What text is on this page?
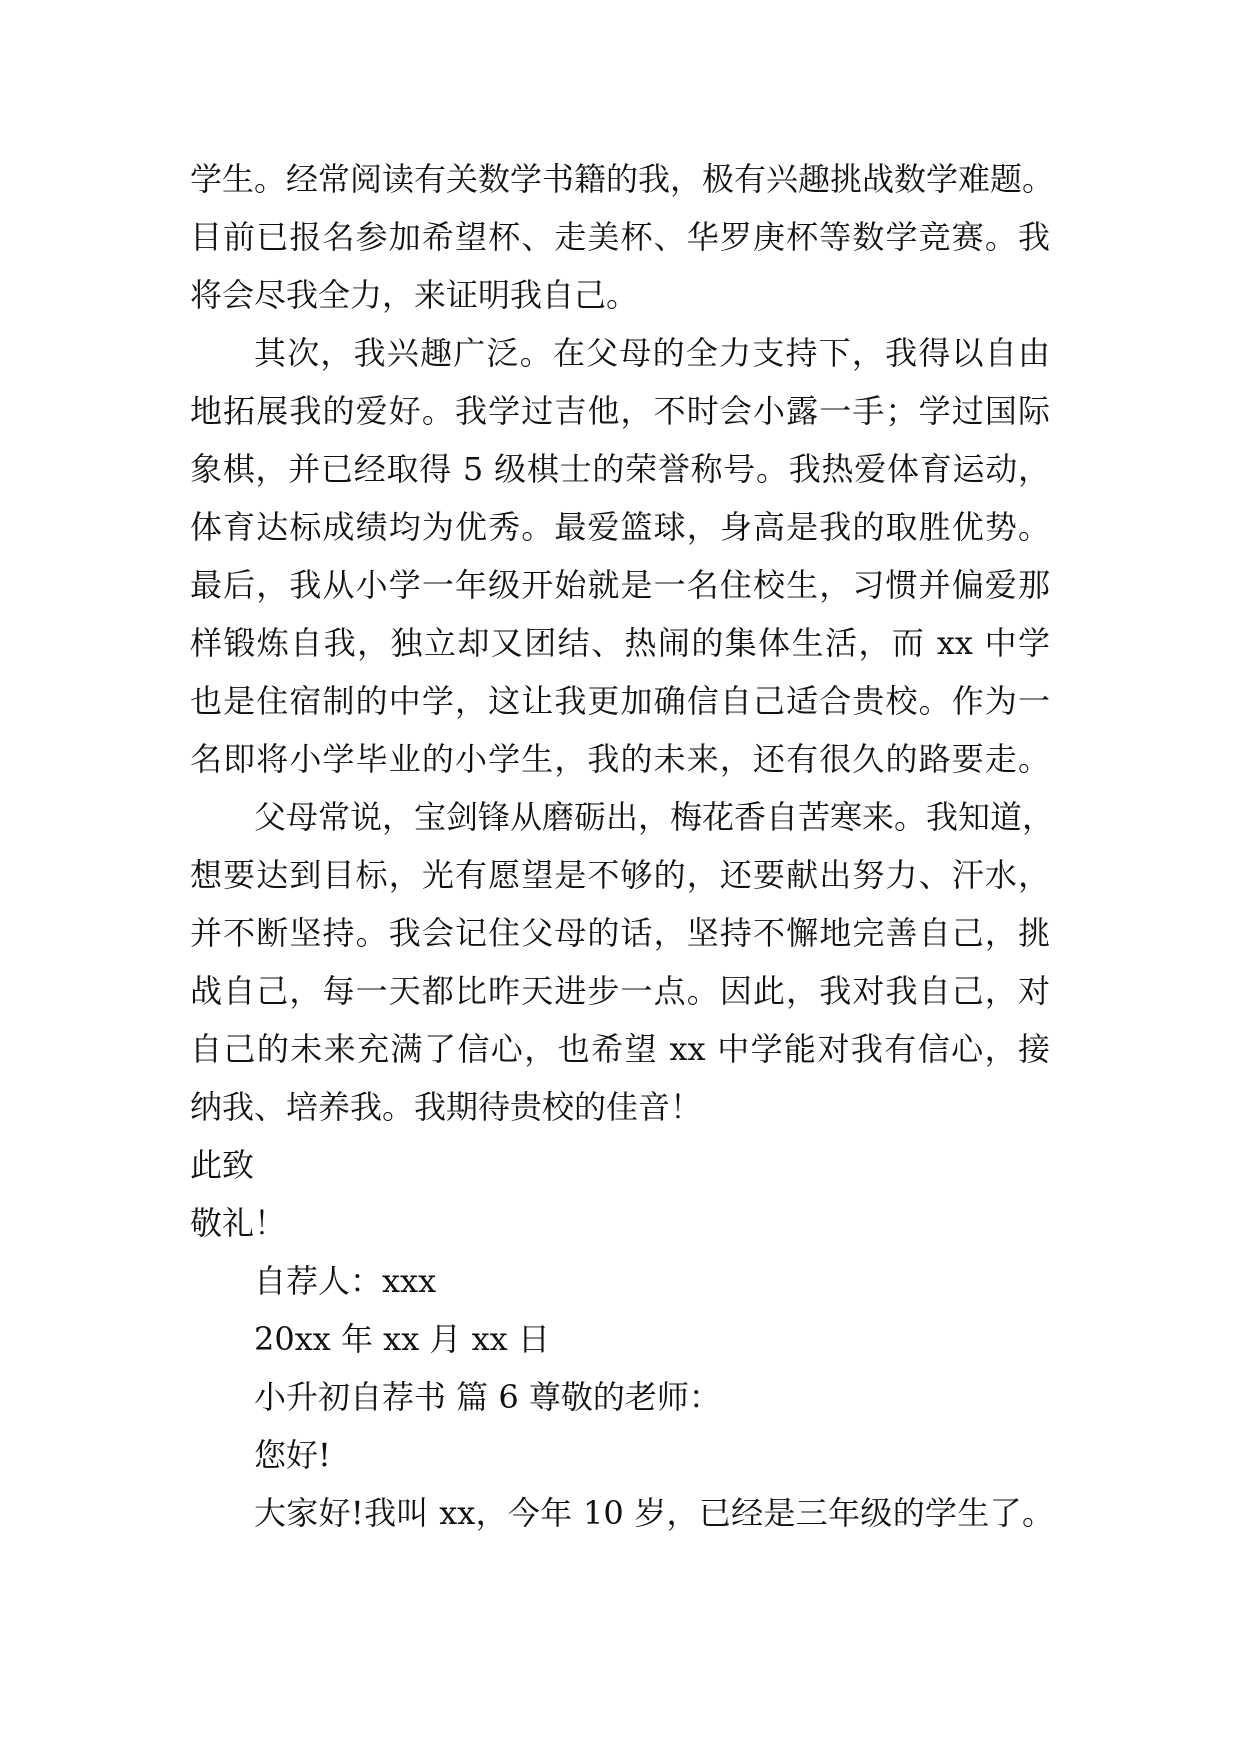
学生。经常阅读有关数学书籍的我，极有兴趣挑战数学难题。
目前已报名参加希望杯、走美杯、华罗庚杯等数学竞赛。我
将会尽我全力，来证明我自己。
其次，我兴趣广泛。在父母的全力支持下，我得以自由
地拓展我的爱好。我学过吉他，不时会小露一手；学过国际
象棋，并已经取得 5 级棋士的荣誉称号。我热爱体育运动，
体育达标成绩均为优秀。最爱篮球，身高是我的取胜优势。
最后，我从小学一年级开始就是一名住校生，习惯并偏爱那
样锻炼自我，独立却又团结、热闹的集体生活，而 xx 中学
也是住宿制的中学，这让我更加确信自己适合贵校。作为一
名即将小学毕业的小学生，我的未来，还有很久的路要走。
父母常说，宝剑锋从磨砺出，梅花香自苦寒来。我知道，
想要达到目标，光有愿望是不够的，还要献出努力、汗水，
并不断坚持。我会记住父母的话，坚持不懈地完善自己，挑
战自己，每一天都比昨天进步一点。因此，我对我自己，对
自己的未来充满了信心，也希望 xx 中学能对我有信心，接
纳我、培养我。我期待贵校的佳音！
此致
敬礼！
自荐人：xxx
20xx 年 xx 月 xx 日
小升初自荐书 篇 6 尊敬的老师：
您好!
大家好!我叫 xx，今年 10 岁，已经是三年级的学生了。
